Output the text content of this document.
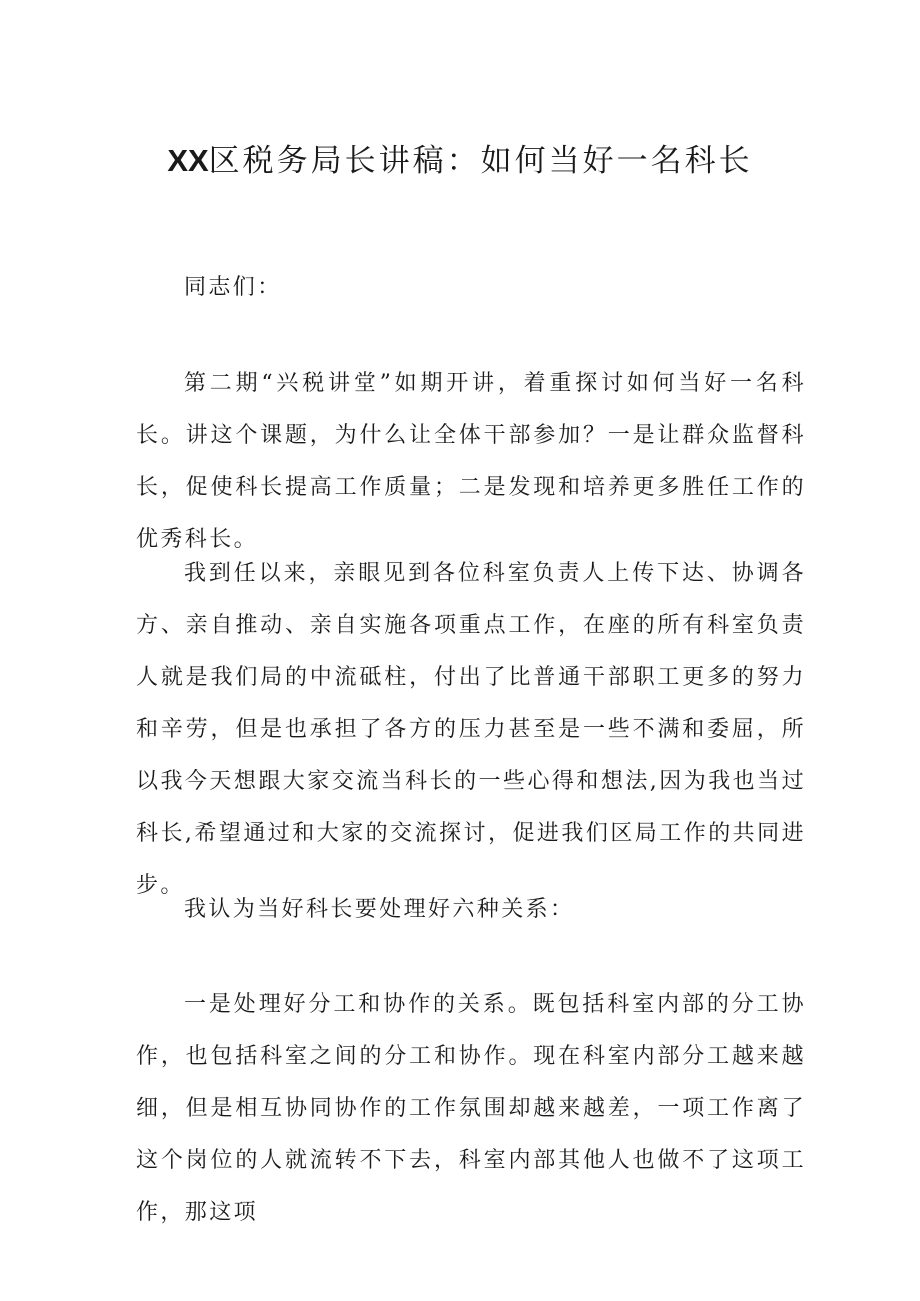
XX区税务局长讲稿：如何当好一名科长

同志们：

第二期“兴税讲堂”如期开讲，着重探讨如何当好一名科长。讲这个课题，为什么让全体干部参加？一是让群众监督科长，促使科长提高工作质量；二是发现和培养更多胜任工作的优秀科长。

我到任以来，亲眼见到各位科室负责人上传下达、协调各方、亲自推动、亲自实施各项重点工作，在座的所有科室负责人就是我们局的中流砥柱，付出了比普通干部职工更多的努力和辛劳，但是也承担了各方的压力甚至是一些不满和委屈，所以我今天想跟大家交流当科长的一些心得和想法,因为我也当过科长,希望通过和大家的交流探讨，促进我们区局工作的共同进步。

我认为当好科长要处理好六种关系：

一是处理好分工和协作的关系。既包括科室内部的分工协作，也包括科室之间的分工和协作。现在科室内部分工越来越细，但是相互协同协作的工作氛围却越来越差，一项工作离了这个岗位的人就流转不下去，科室内部其他人也做不了这项工作，那这项
